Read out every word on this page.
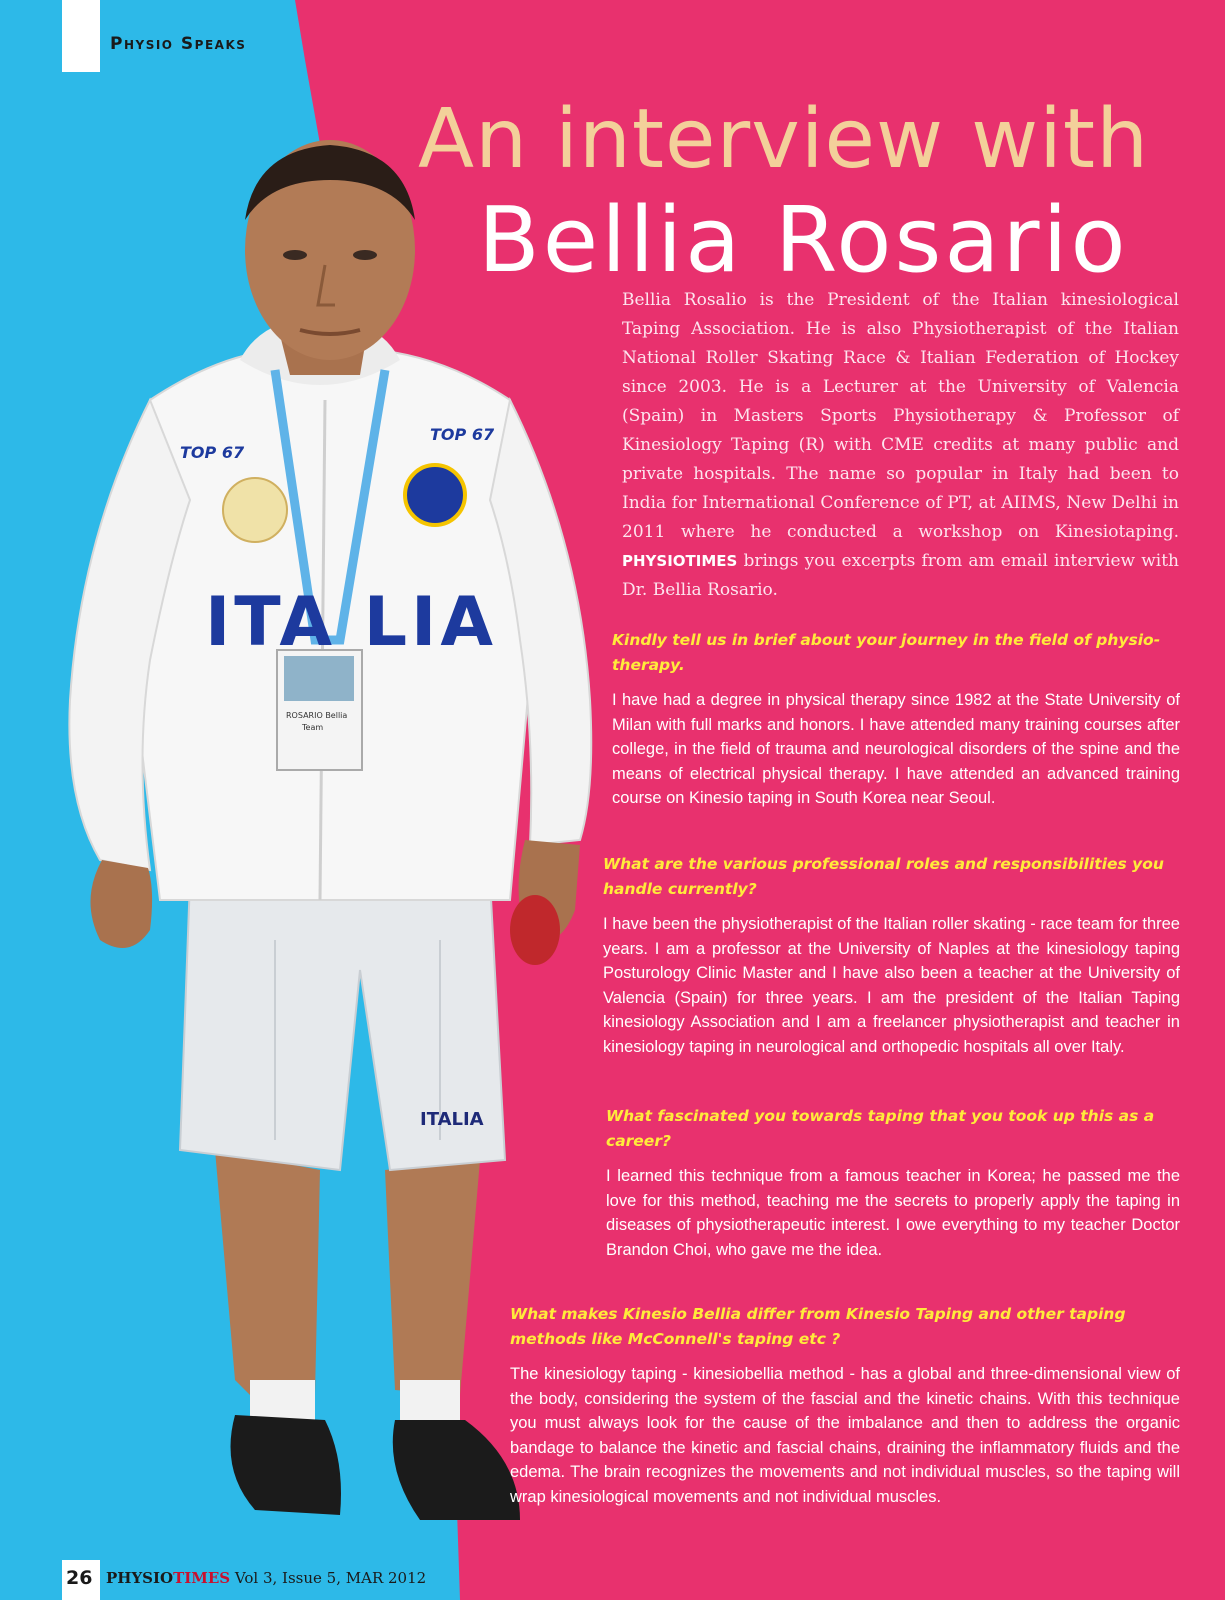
Physio Speaks
ITALIA
ROSARIO Bellia
Team
ITA LIA
TOP 67
TOP 67
An interview with
Bellia Rosario
Bellia Rosalio is the President of the Italian kinesiological Taping Association. He is also Physiotherapist of the Italian National Roller Skating Race & Italian Federation of Hockey since 2003. He is a Lecturer at the University of Valencia (Spain) in Masters Sports Physiotherapy & Professor of Kinesiology Taping (R) with CME credits at many public and private hospitals. The name so popular in Italy had been to India for International Conference of PT, at AIIMS, New Delhi in 2011 where he conducted a workshop on Kinesiotaping. PHYSIOTIMES brings you excerpts from am email interview with Dr. Bellia Rosario.

Kindly tell us in brief about your journey in the field of physio-therapy.

I have had a degree in physical therapy since 1982 at the State University of Milan with full marks and honors. I have attended many training courses after college, in the field of trauma and neurological disorders of the spine and the means of electrical physical therapy. I have attended an advanced training course on Kinesio taping in South Korea near Seoul.

What are the various professional roles and responsibilities you handle currently?

I have been the physiotherapist of the Italian roller skating - race team for three years. I am a professor at the University of Naples at the kinesiology taping Posturology Clinic Master and I have also been a teacher at the University of Valencia (Spain) for three years. I am the president of the Italian Taping kinesiology Association and I am a freelancer physiotherapist and teacher in kinesiology taping in neurological and orthopedic hospitals all over Italy.

What fascinated you towards taping that you took up this as a career?

I learned this technique from a famous teacher in Korea; he passed me the love for this method, teaching me the secrets to properly apply the taping in diseases of physiotherapeutic interest. I owe everything to my teacher Doctor Brandon Choi, who gave me the idea.

What makes Kinesio Bellia differ from Kinesio Taping and other taping methods like McConnell's taping etc ?

The kinesiology taping - kinesiobellia method - has a global and three-dimensional view of the body, considering the system of the fascial and the kinetic chains. With this technique you must always look for the cause of the imbalance and then to address the organic bandage to balance the kinetic and fascial chains, draining the inflammatory fluids and the edema. The brain recognizes the movements and not individual muscles, so the taping will wrap kinesiological movements and not individual muscles.

26 PHYSIOTIMES Vol 3, Issue 5, MAR 2012
